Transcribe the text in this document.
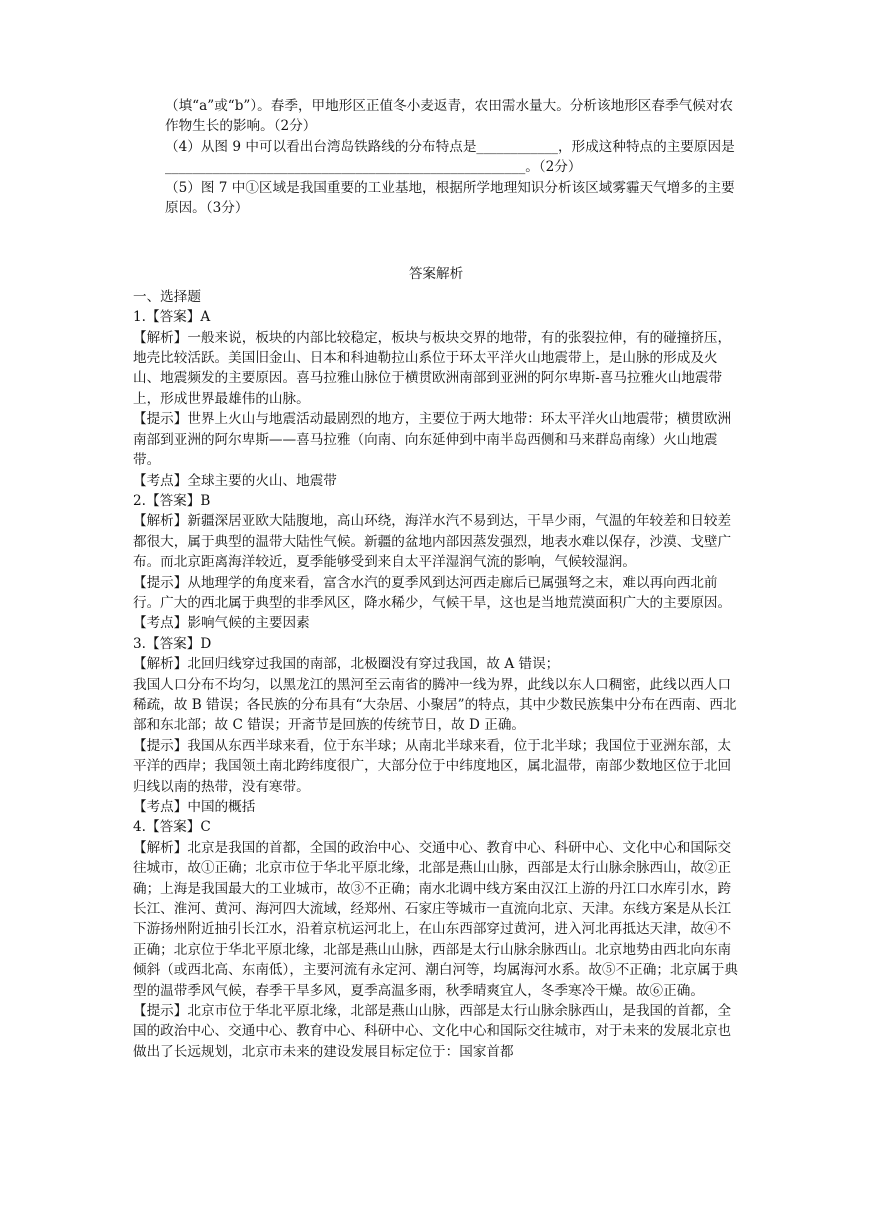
（填“a”或“b”）。春季，甲地形区正值冬小麦返青，农田需水量大。分析该地形区春季气候对农作物生长的影响。（2分）

（4）从图 9 中可以看出台湾岛铁路线的分布特点是____________，形成这种特点的主要原因是_____________________________________________________。（2分）

（5）图 7 中①区域是我国重要的工业基地，根据所学地理知识分析该区域雾霾天气增多的主要原因。（3分）

答案解析

一、选择题

1.【答案】A

【解析】一般来说，板块的内部比较稳定，板块与板块交界的地带，有的张裂拉伸，有的碰撞挤压，地壳比较活跃。美国旧金山、日本和科迪勒拉山系位于环太平洋火山地震带上，是山脉的形成及火山、地震频发的主要原因。喜马拉雅山脉位于横贯欧洲南部到亚洲的阿尔卑斯-喜马拉雅火山地震带上，形成世界最雄伟的山脉。

【提示】世界上火山与地震活动最剧烈的地方，主要位于两大地带：环太平洋火山地震带；横贯欧洲南部到亚洲的阿尔卑斯——喜马拉雅（向南、向东延伸到中南半岛西侧和马来群岛南缘）火山地震带。

【考点】全球主要的火山、地震带

2.【答案】B

【解析】新疆深居亚欧大陆腹地，高山环绕，海洋水汽不易到达，干旱少雨，气温的年较差和日较差都很大，属于典型的温带大陆性气候。新疆的盆地内部因蒸发强烈，地表水难以保存，沙漠、戈壁广布。而北京距离海洋较近，夏季能够受到来自太平洋湿润气流的影响，气候较湿润。

【提示】从地理学的角度来看，富含水汽的夏季风到达河西走廊后已属强弩之末，难以再向西北前行。广大的西北属于典型的非季风区，降水稀少，气候干旱，这也是当地荒漠面积广大的主要原因。

【考点】影响气候的主要因素

3.【答案】D

【解析】北回归线穿过我国的南部，北极圈没有穿过我国，故 A 错误；

我国人口分布不均匀，以黑龙江的黑河至云南省的腾冲一线为界，此线以东人口稠密，此线以西人口稀疏，故 B 错误；各民族的分布具有“大杂居、小聚居”的特点，其中少数民族集中分布在西南、西北部和东北部；故 C 错误；开斋节是回族的传统节日，故 D 正确。

【提示】我国从东西半球来看，位于东半球；从南北半球来看，位于北半球；我国位于亚洲东部，太平洋的西岸；我国领土南北跨纬度很广，大部分位于中纬度地区，属北温带，南部少数地区位于北回归线以南的热带，没有寒带。

【考点】中国的概括

4.【答案】C

【解析】北京是我国的首都，全国的政治中心、交通中心、教育中心、科研中心、文化中心和国际交往城市，故①正确；北京市位于华北平原北缘，北部是燕山山脉，西部是太行山脉余脉西山，故②正确；上海是我国最大的工业城市，故③不正确；南水北调中线方案由汉江上游的丹江口水库引水，跨长江、淮河、黄河、海河四大流域，经郑州、石家庄等城市一直流向北京、天津。东线方案是从长江下游扬州附近抽引长江水，沿着京杭运河北上，在山东西部穿过黄河，进入河北再抵达天津，故④不正确；北京位于华北平原北缘，北部是燕山山脉，西部是太行山脉余脉西山。北京地势由西北向东南倾斜（或西北高、东南低），主要河流有永定河、潮白河等，均属海河水系。故⑤不正确；北京属于典型的温带季风气候，春季干旱多风，夏季高温多雨，秋季晴爽宜人，冬季寒冷干燥。故⑥正确。

【提示】北京市位于华北平原北缘，北部是燕山山脉，西部是太行山脉余脉西山，是我国的首都，全国的政治中心、交通中心、教育中心、科研中心、文化中心和国际交往城市，对于未来的发展北京也做出了长远规划，北京市未来的建设发展目标定位于：国家首都
